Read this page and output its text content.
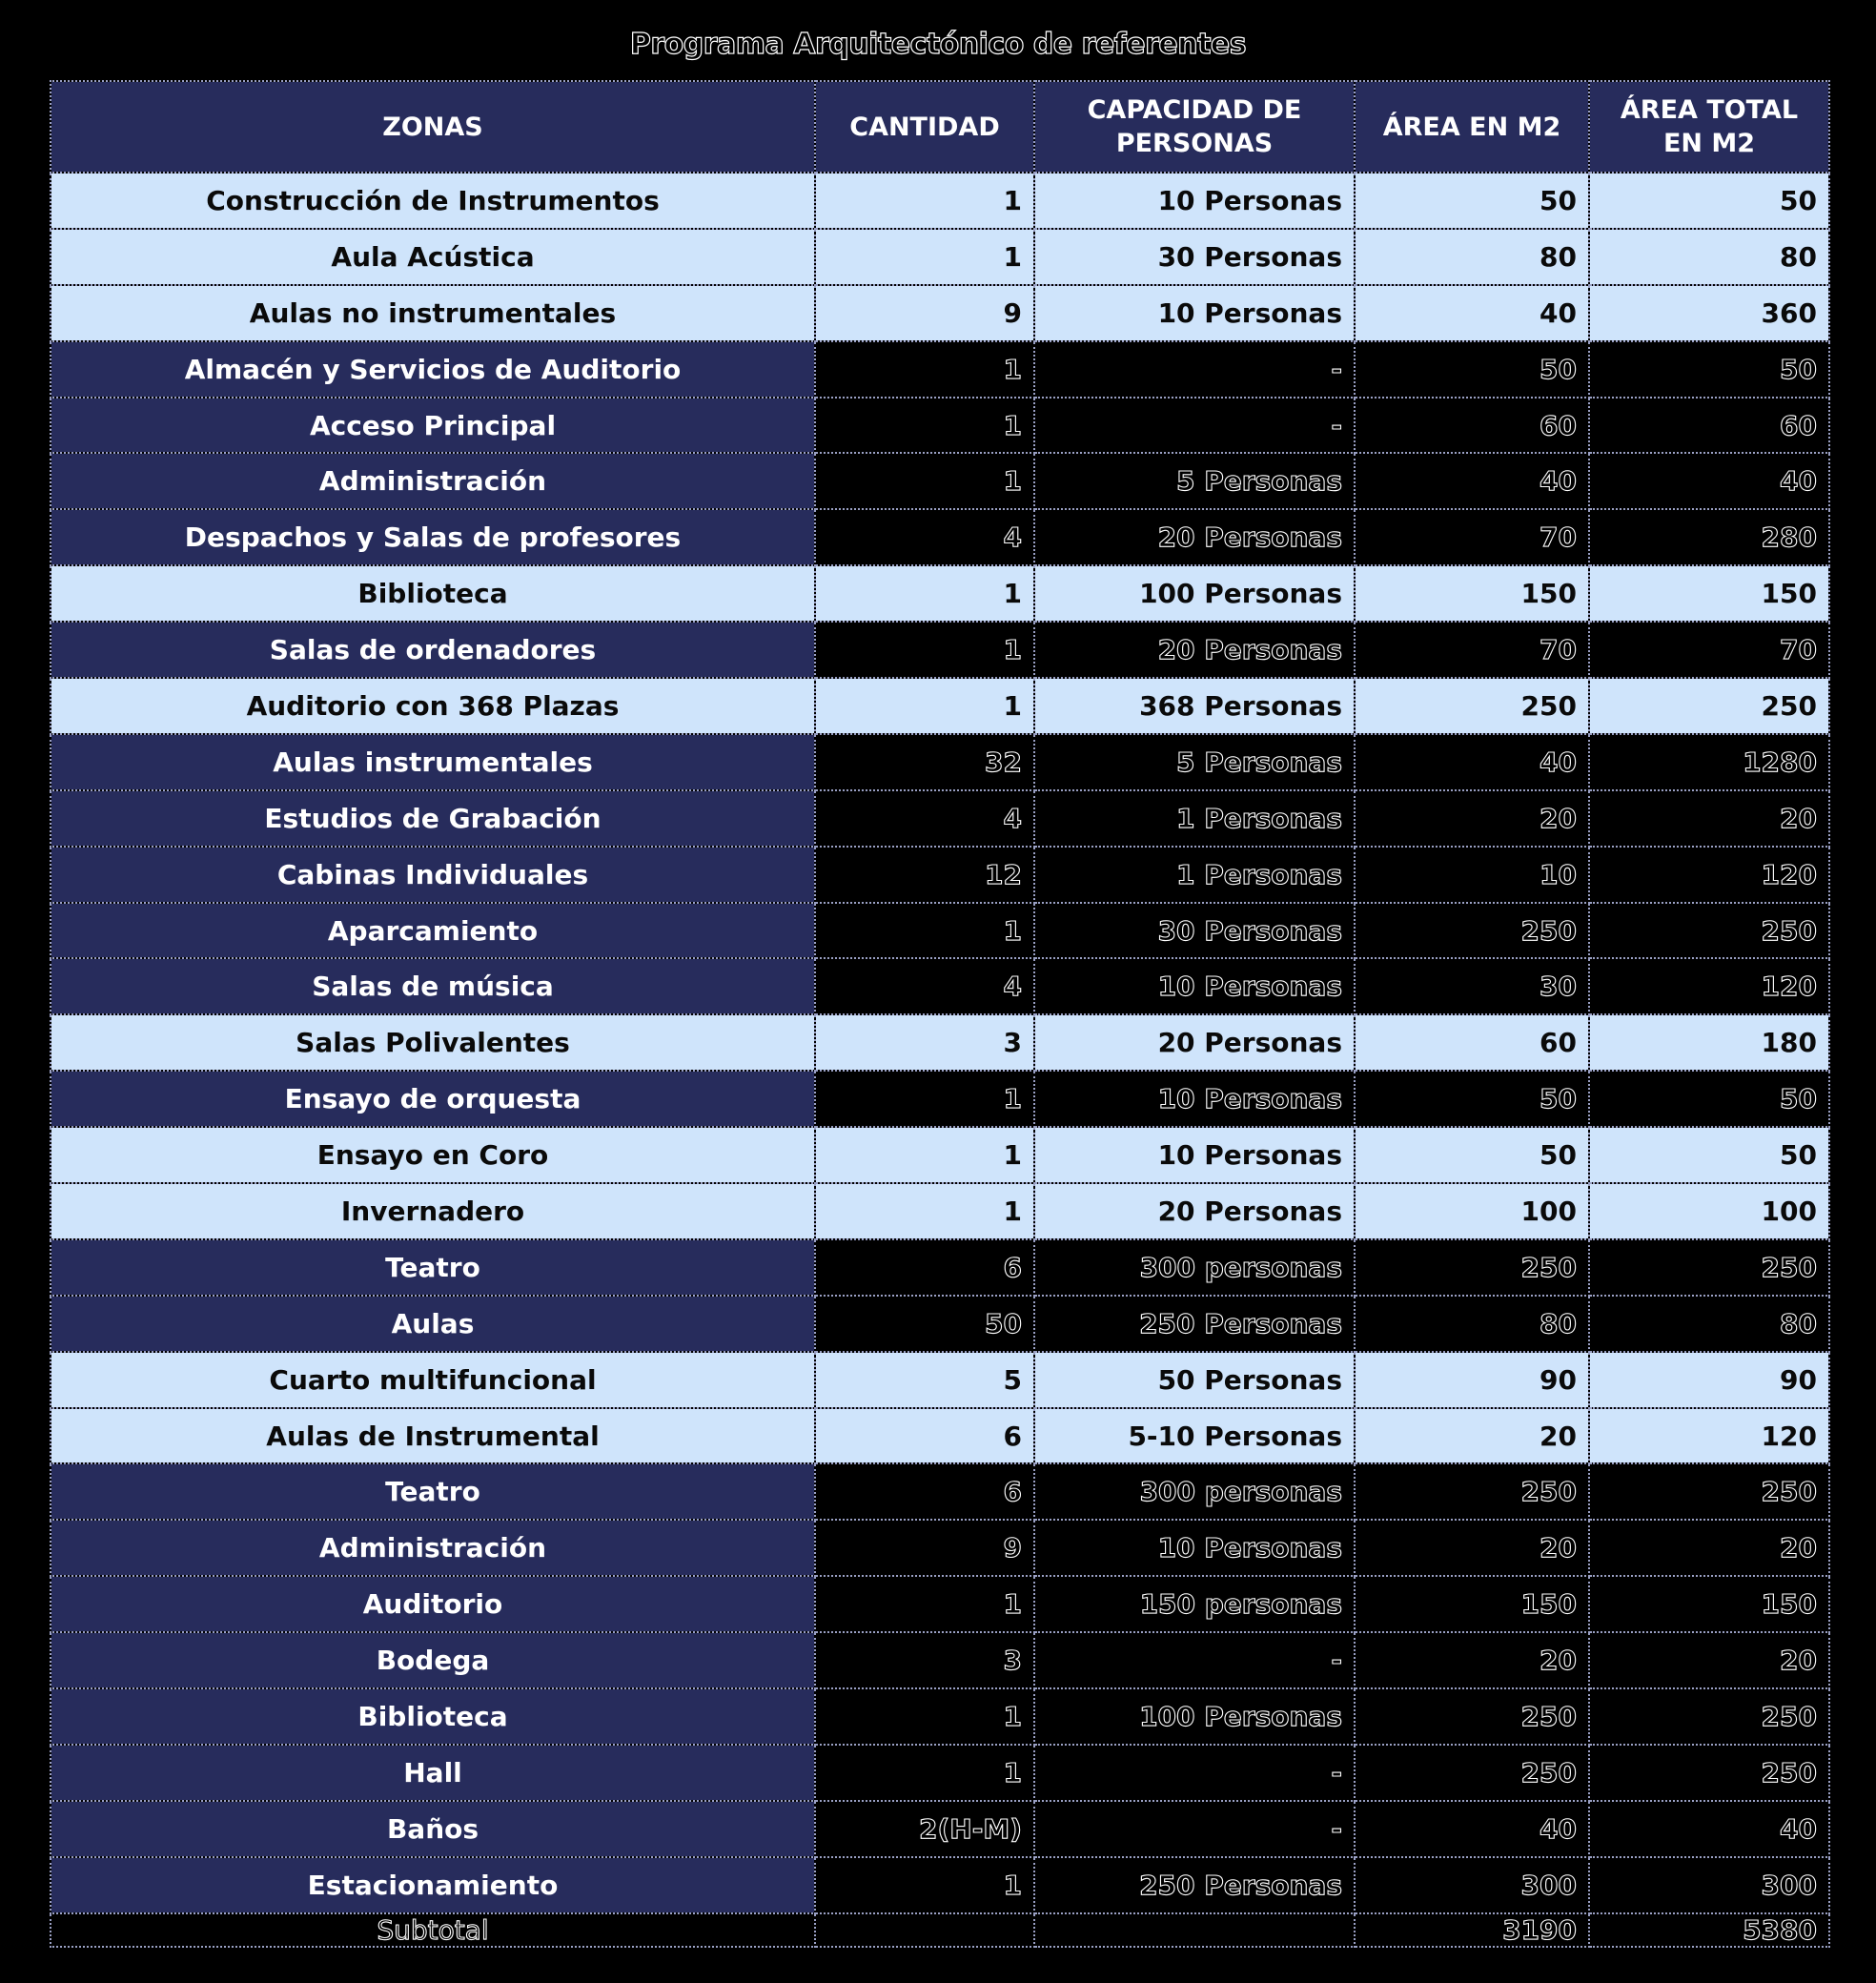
Programa Arquitectónico de referentes
ZONAS	CANTIDAD	CAPACIDAD DE PERSONAS	ÁREA EN M2	ÁREA TOTAL EN M2
Construcción de Instrumentos	1	10 Personas	50	50
Aula Acústica	1	30 Personas	80	80
Aulas no instrumentales	9	10 Personas	40	360
Almacén y Servicios de Auditorio	1	-	50	50
Acceso Principal	1	-	60	60
Administración	1	5 Personas	40	40
Despachos y Salas de profesores	4	20 Personas	70	280
Biblioteca	1	100 Personas	150	150
Salas de ordenadores	1	20 Personas	70	70
Auditorio con 368 Plazas	1	368 Personas	250	250
Aulas instrumentales	32	5 Personas	40	1280
Estudios de Grabación	4	1 Personas	20	20
Cabinas Individuales	12	1 Personas	10	120
Aparcamiento	1	30 Personas	250	250
Salas de música	4	10 Personas	30	120
Salas Polivalentes	3	20 Personas	60	180
Ensayo de orquesta	1	10 Personas	50	50
Ensayo en Coro	1	10 Personas	50	50
Invernadero	1	20 Personas	100	100
Teatro	6	300 personas	250	250
Aulas	50	250 Personas	80	80
Cuarto multifuncional	5	50 Personas	90	90
Aulas de Instrumental	6	5-10 Personas	20	120
Teatro	6	300 personas	250	250
Administración	9	10 Personas	20	20
Auditorio	1	150 personas	150	150
Bodega	3	-	20	20
Biblioteca	1	100 Personas	250	250
Hall	1	-	250	250
Baños	2(H-M)	-	40	40
Estacionamiento	1	250 Personas	300	300
Subtotal			3190	5380
